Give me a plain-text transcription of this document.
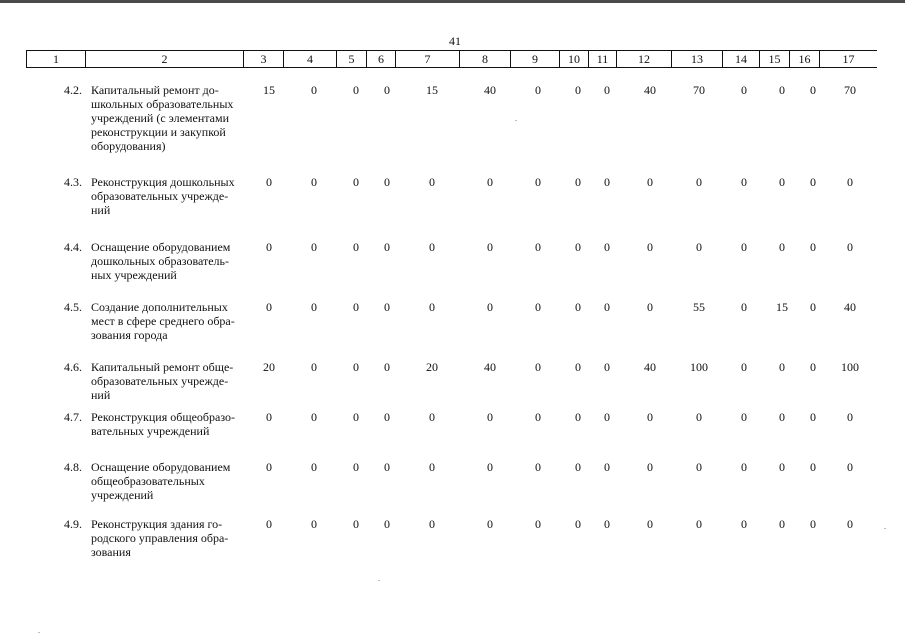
41
1	2	3	4	5	6	7	8	9	10	11	12	13	14	15	16	17
4.2. Капитальный ремонт до-
школьных образовательных
учреждений (с элементами
реконструкции и закупкой
оборудования)
15	0	0	0	15	40	0	0	0	40	70	0	0	0	70
4.3. Реконструкция дошкольных
образовательных учрежде-
ний
0	0	0	0	0	0	0	0	0	0	0	0	0	0	0
4.4. Оснащение оборудованием
дошкольных образователь-
ных учреждений
0	0	0	0	0	0	0	0	0	0	0	0	0	0	0
4.5. Создание дополнительных
мест в сфере среднего обра-
зования города
0	0	0	0	0	0	0	0	0	0	55	0	15	0	40
4.6. Капитальный ремонт обще-
образовательных учрежде-
ний
20	0	0	0	20	40	0	0	0	40	100	0	0	0	100
4.7. Реконструкция общеобразо-
вательных учреждений
0	0	0	0	0	0	0	0	0	0	0	0	0	0	0
4.8. Оснащение оборудованием
общеобразовательных
учреждений
0	0	0	0	0	0	0	0	0	0	0	0	0	0	0
4.9. Реконструкция здания го-
родского управления обра-
зования
0	0	0	0	0	0	0	0	0	0	0	0	0	0	0
